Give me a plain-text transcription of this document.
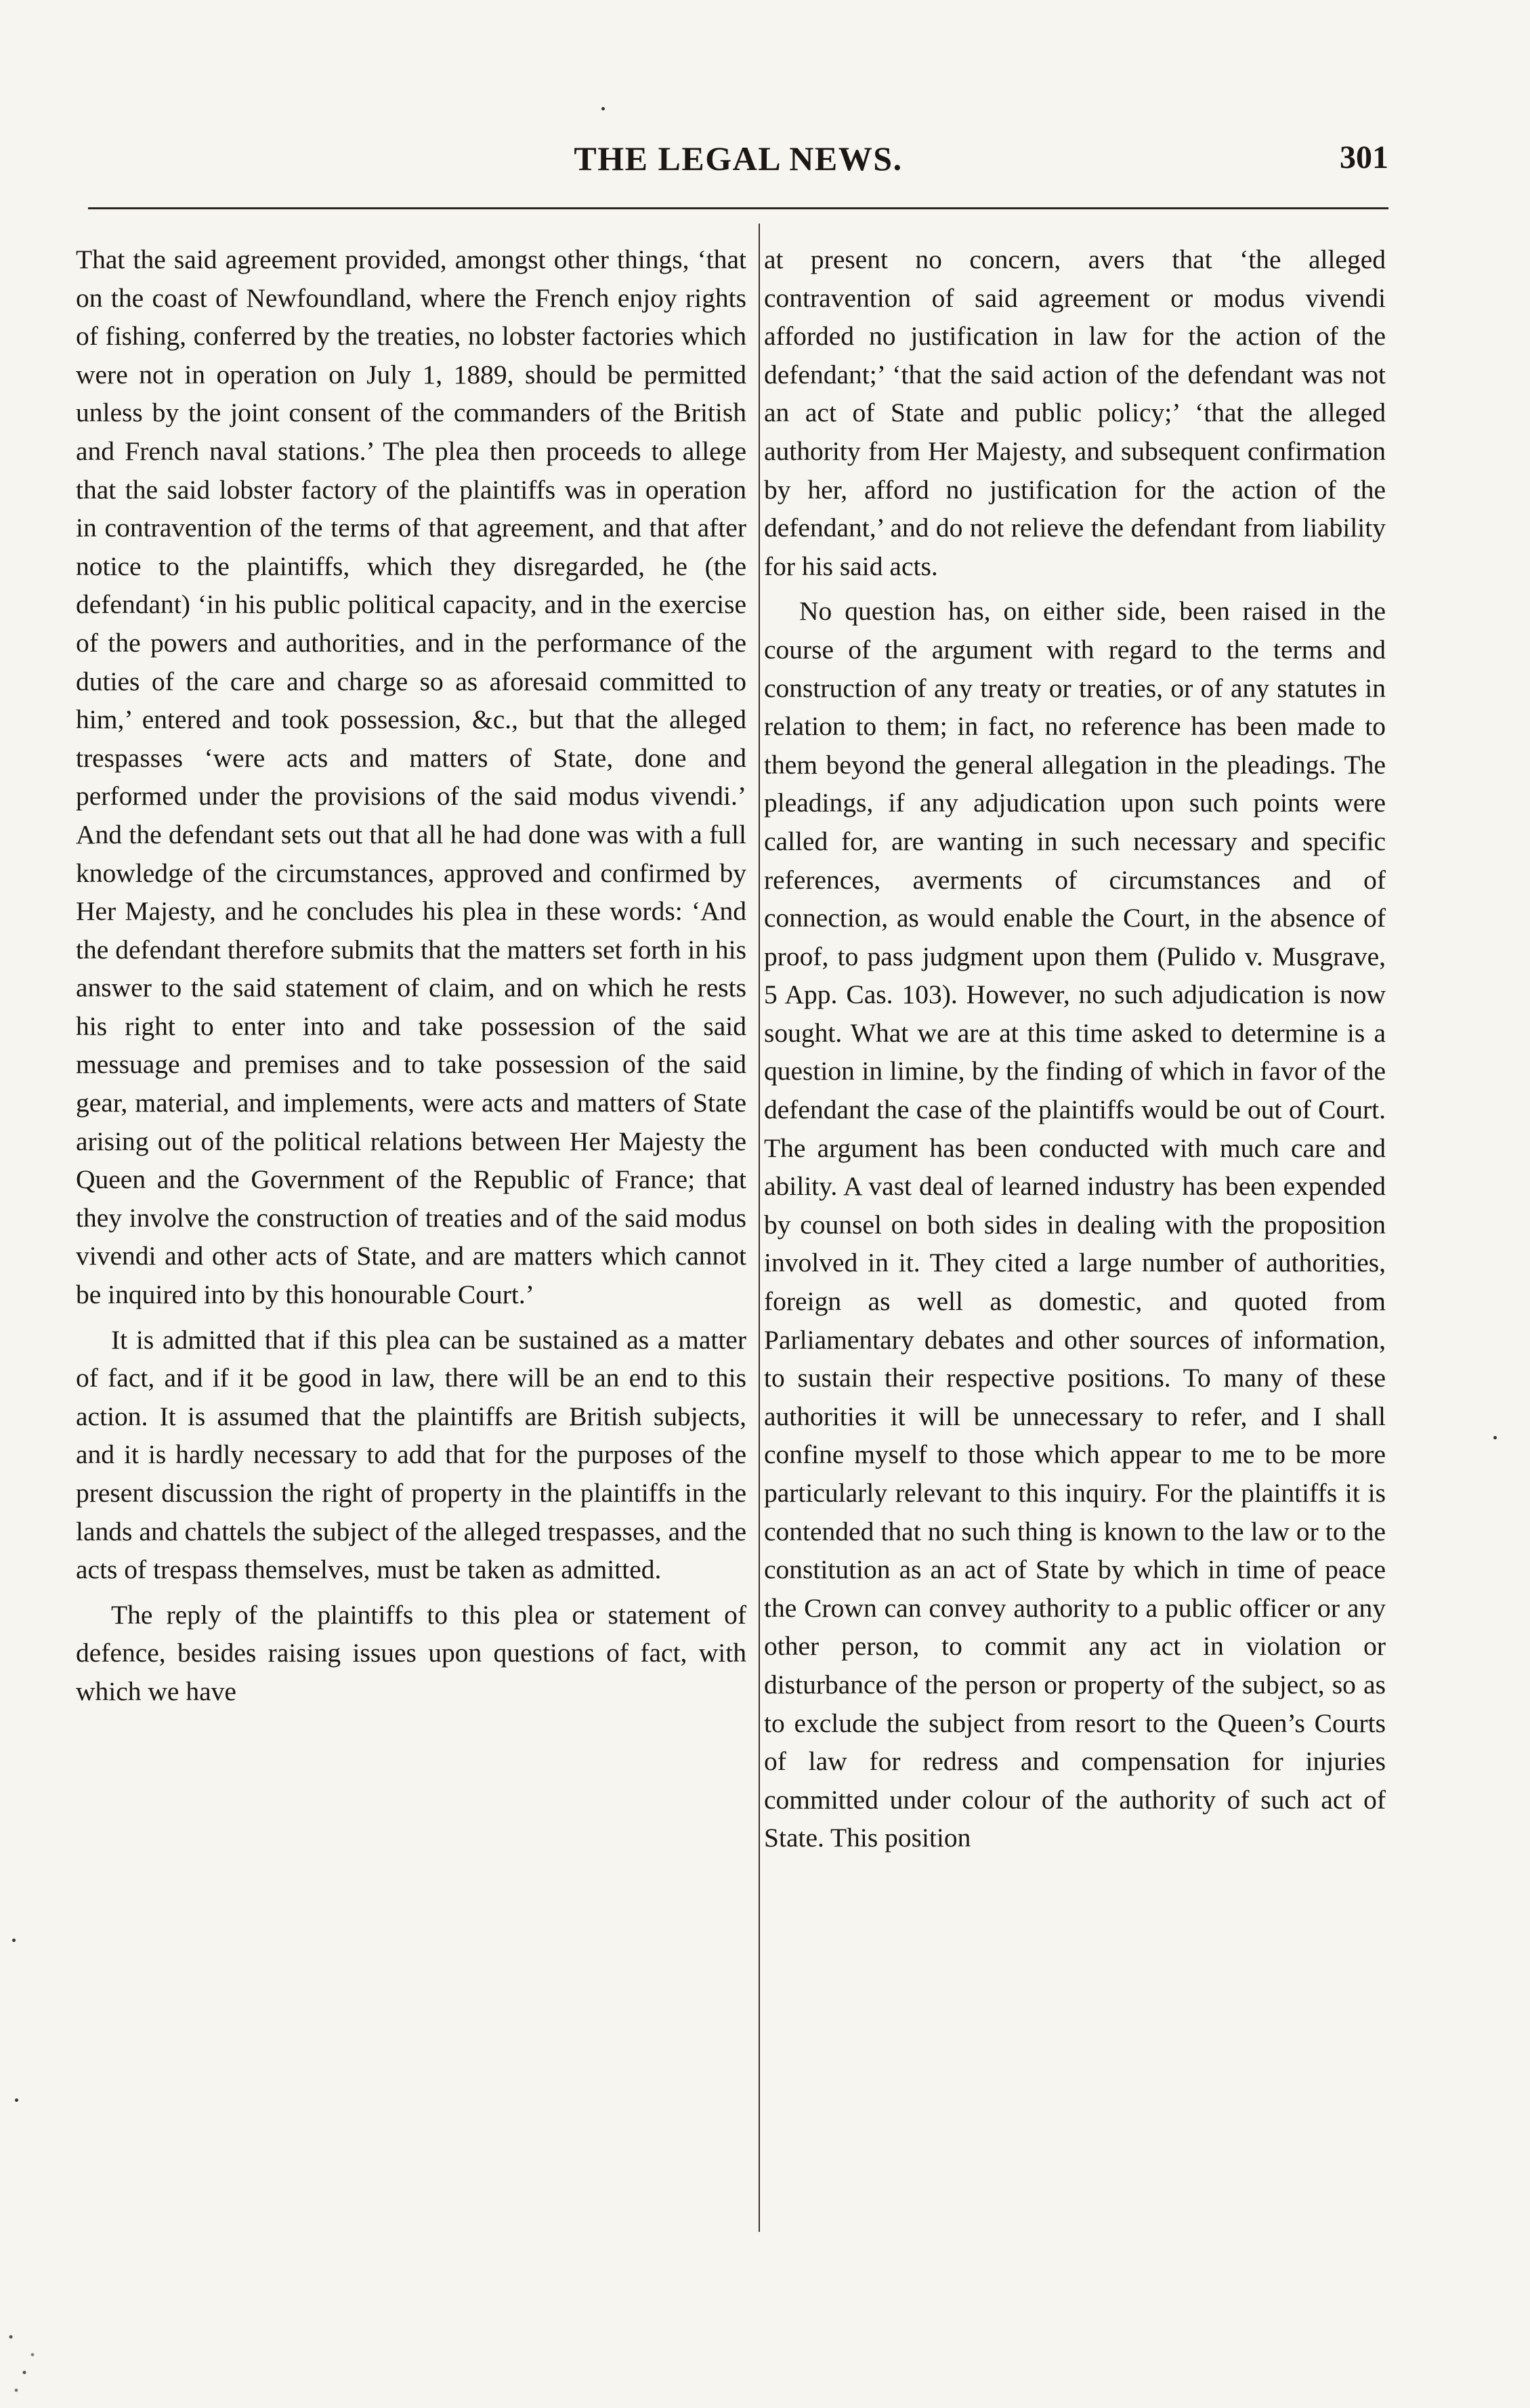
THE LEGAL NEWS.	301

That the said agreement provided, amongst other things, ‘that on the coast of Newfoundland, where the French enjoy rights of fishing, conferred by the treaties, no lobster factories which were not in operation on July 1, 1889, should be permitted unless by the joint consent of the commanders of the British and French naval stations.’ The plea then proceeds to allege that the said lobster factory of the plaintiffs was in operation in contravention of the terms of that agreement, and that after notice to the plaintiffs, which they disregarded, he (the defendant) ‘in his public political capacity, and in the exercise of the powers and authorities, and in the performance of the duties of the care and charge so as aforesaid committed to him,’ entered and took possession, &c., but that the alleged trespasses ‘were acts and matters of State, done and performed under the provisions of the said modus vivendi.’ And the defendant sets out that all he had done was with a full knowledge of the circumstances, approved and confirmed by Her Majesty, and he concludes his plea in these words: ‘And the defendant therefore submits that the matters set forth in his answer to the said statement of claim, and on which he rests his right to enter into and take possession of the said messuage and premises and to take possession of the said gear, material, and implements, were acts and matters of State arising out of the political relations between Her Majesty the Queen and the Government of the Republic of France; that they involve the construction of treaties and of the said modus vivendi and other acts of State, and are matters which cannot be inquired into by this honourable Court.’

It is admitted that if this plea can be sustained as a matter of fact, and if it be good in law, there will be an end to this action. It is assumed that the plaintiffs are British subjects, and it is hardly necessary to add that for the purposes of the present discussion the right of property in the plaintiffs in the lands and chattels the subject of the alleged trespasses, and the acts of trespass themselves, must be taken as admitted.

The reply of the plaintiffs to this plea or statement of defence, besides raising issues upon questions of fact, with which we have

at present no concern, avers that ‘the alleged contravention of said agreement or modus vivendi afforded no justification in law for the action of the defendant;’ ‘that the said action of the defendant was not an act of State and public policy;’ ‘that the alleged authority from Her Majesty, and subsequent confirmation by her, afford no justification for the action of the defendant,’ and do not relieve the defendant from liability for his said acts.

No question has, on either side, been raised in the course of the argument with regard to the terms and construction of any treaty or treaties, or of any statutes in relation to them; in fact, no reference has been made to them beyond the general allegation in the pleadings. The pleadings, if any adjudication upon such points were called for, are wanting in such necessary and specific references, averments of circumstances and of connection, as would enable the Court, in the absence of proof, to pass judgment upon them (Pulido v. Musgrave, 5 App. Cas. 103). However, no such adjudication is now sought. What we are at this time asked to determine is a question in limine, by the finding of which in favor of the defendant the case of the plaintiffs would be out of Court. The argument has been conducted with much care and ability. A vast deal of learned industry has been expended by counsel on both sides in dealing with the proposition involved in it. They cited a large number of authorities, foreign as well as domestic, and quoted from Parliamentary debates and other sources of information, to sustain their respective positions. To many of these authorities it will be unnecessary to refer, and I shall confine myself to those which appear to me to be more particularly relevant to this inquiry. For the plaintiffs it is contended that no such thing is known to the law or to the constitution as an act of State by which in time of peace the Crown can convey authority to a public officer or any other person, to commit any act in violation or disturbance of the person or property of the subject, so as to exclude the subject from resort to the Queen’s Courts of law for redress and compensation for injuries committed under colour of the authority of such act of State. This position
